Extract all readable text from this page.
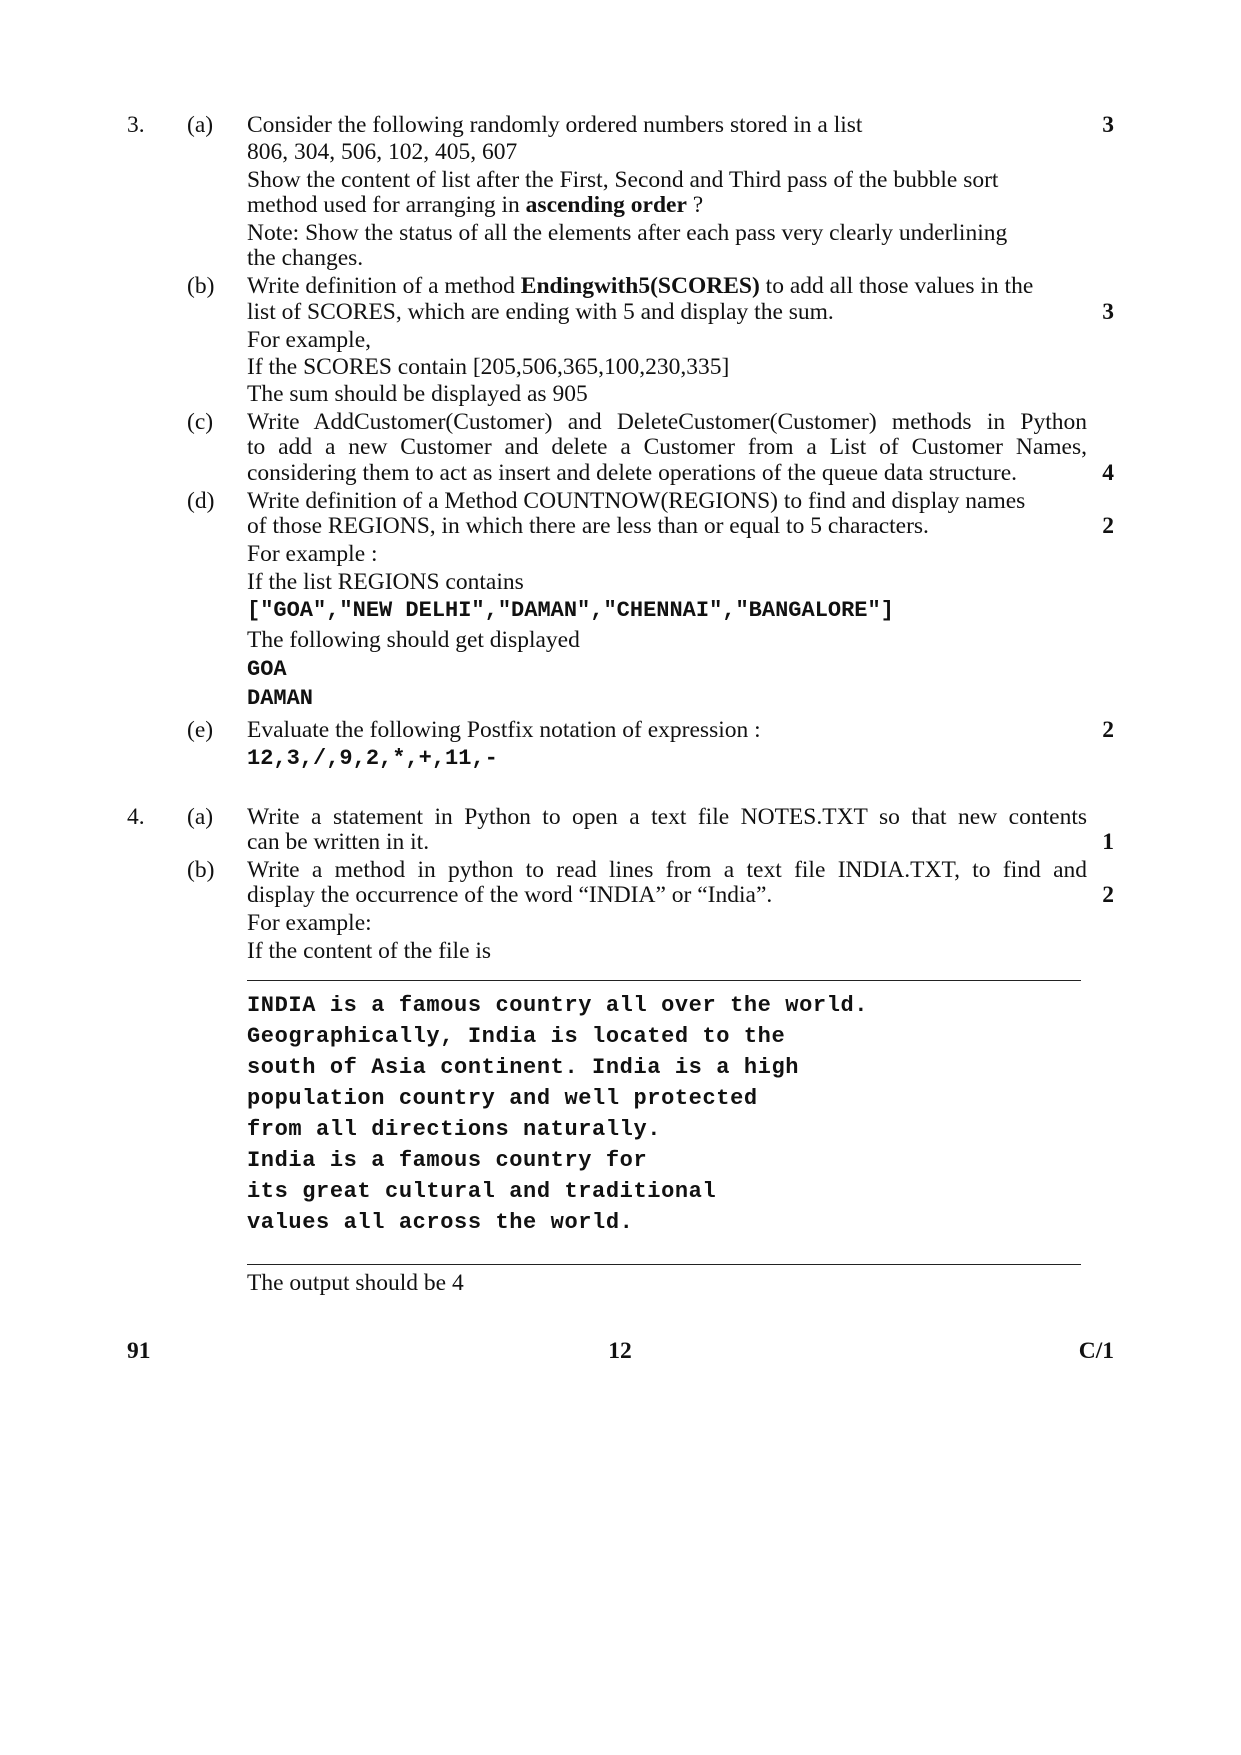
3. (a) Consider the following randomly ordered numbers stored in a list	3
806, 304, 506, 102, 405, 607
Show the content of list after the First, Second and Third pass of the bubble sort
method used for arranging in ascending order ?
Note: Show the status of all the elements after each pass very clearly underlining
the changes.
(b) Write definition of a method Endingwith5(SCORES) to add all those values in the
list of SCORES, which are ending with 5 and display the sum.	3
For example,
If the SCORES contain [205,506,365,100,230,335]
The sum should be displayed as 905
(c) Write AddCustomer(Customer) and DeleteCustomer(Customer) methods in Python
to add a new Customer and delete a Customer from a List of Customer Names,
considering them to act as insert and delete operations of the queue data structure.	4
(d) Write definition of a Method COUNTNOW(REGIONS) to find and display names
of those REGIONS, in which there are less than or equal to 5 characters.	2
For example :
If the list REGIONS contains
["GOA","NEW DELHI","DAMAN","CHENNAI","BANGALORE"]
The following should get displayed
GOA
DAMAN
(e) Evaluate the following Postfix notation of expression :	2
12,3,/,9,2,*,+,11,-
4. (a) Write a statement in Python to open a text file NOTES.TXT so that new contents
can be written in it.	1
(b) Write a method in python to read lines from a text file INDIA.TXT, to find and
display the occurrence of the word “INDIA” or “India”.	2
For example:
If the content of the file is
INDIA is a famous country all over the world.
Geographically, India is located to the
south of Asia continent. India is a high
population country and well protected
from all directions naturally.
India is a famous country for
its great cultural and traditional
values all across the world.
The output should be 4
91	12	C/1
